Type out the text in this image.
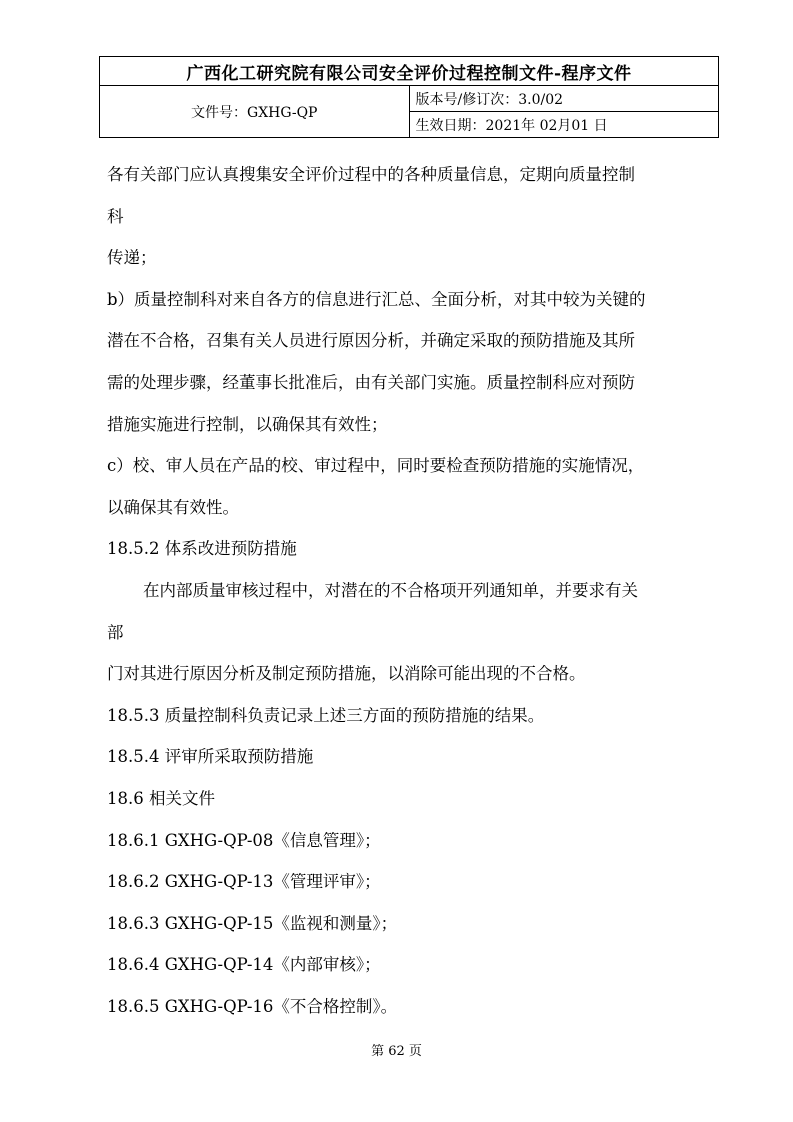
广西化工研究院有限公司安全评价过程控制文件-程序文件
文件号：GXHG-QP	版本号/修订次：3.0/02
生效日期：2021年 02月01 日
各有关部门应认真搜集安全评价过程中的各种质量信息，定期向质量控制
科
传递；
b）质量控制科对来自各方的信息进行汇总、全面分析，对其中较为关键的
潜在不合格，召集有关人员进行原因分析，并确定采取的预防措施及其所
需的处理步骤，经董事长批准后，由有关部门实施。质量控制科应对预防
措施实施进行控制，以确保其有效性；
c）校、审人员在产品的校、审过程中，同时要检查预防措施的实施情况，
以确保其有效性。
18.5.2 体系改进预防措施
在内部质量审核过程中，对潜在的不合格项开列通知单，并要求有关
部
门对其进行原因分析及制定预防措施，以消除可能出现的不合格。
18.5.3 质量控制科负责记录上述三方面的预防措施的结果。
18.5.4 评审所采取预防措施
18.6 相关文件
18.6.1 GXHG-QP-08《信息管理》；
18.6.2 GXHG-QP-13《管理评审》；
18.6.3 GXHG-QP-15《监视和测量》；
18.6.4 GXHG-QP-14《内部审核》；
18.6.5 GXHG-QP-16《不合格控制》。
第 62 页
